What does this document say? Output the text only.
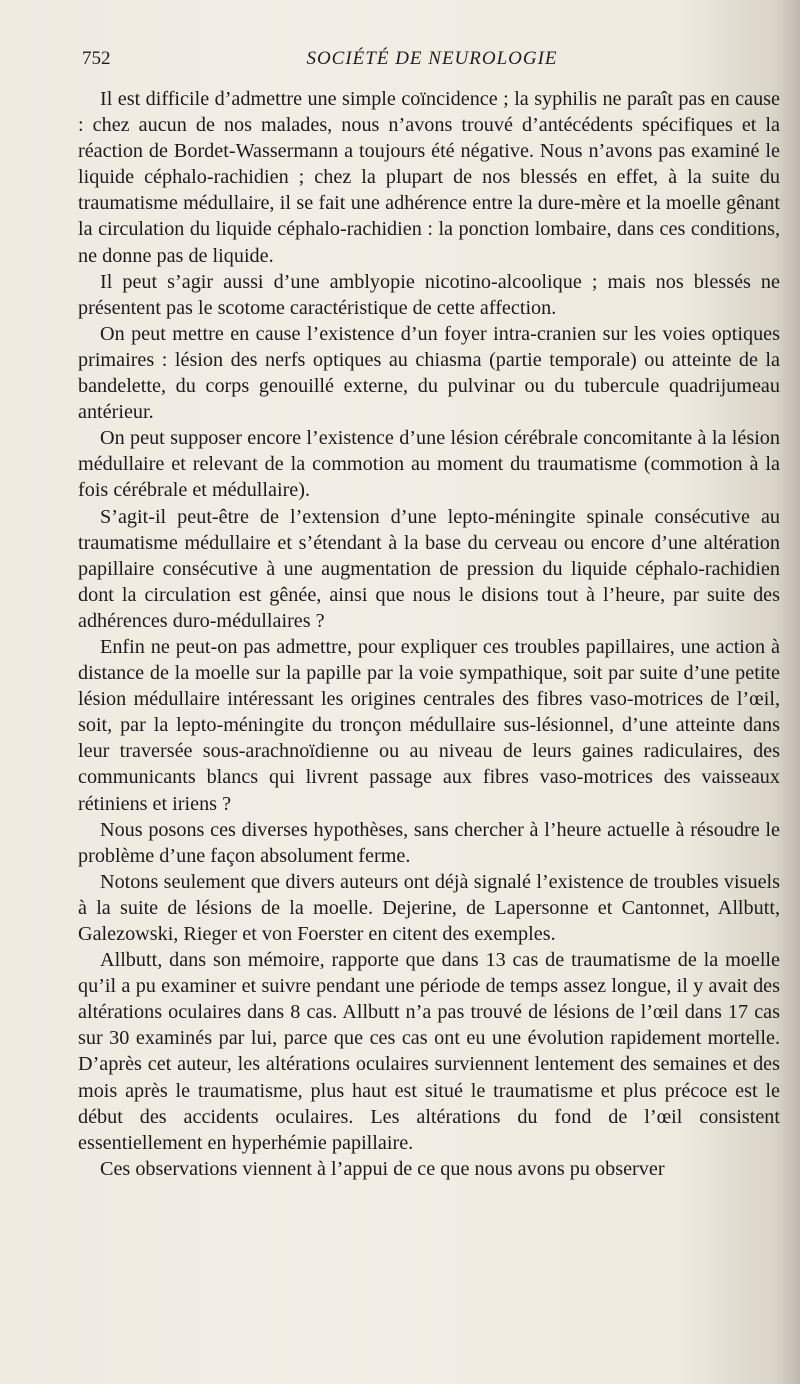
752	SOCIÉTÉ DE NEUROLOGIE

Il est difficile d’admettre une simple coïncidence ; la syphilis ne paraît pas en cause : chez aucun de nos malades, nous n’avons trouvé d’antécédents spécifiques et la réaction de Bordet-Wassermann a toujours été négative. Nous n’avons pas examiné le liquide céphalo-rachidien ; chez la plupart de nos blessés en effet, à la suite du traumatisme médullaire, il se fait une adhérence entre la dure-mère et la moelle gênant la circulation du liquide céphalo-rachidien : la ponction lombaire, dans ces conditions, ne donne pas de liquide.

Il peut s’agir aussi d’une amblyopie nicotino-alcoolique ; mais nos blessés ne présentent pas le scotome caractéristique de cette affection.

On peut mettre en cause l’existence d’un foyer intra-cranien sur les voies optiques primaires : lésion des nerfs optiques au chiasma (partie temporale) ou atteinte de la bandelette, du corps genouillé externe, du pulvinar ou du tubercule quadrijumeau antérieur.

On peut supposer encore l’existence d’une lésion cérébrale concomitante à la lésion médullaire et relevant de la commotion au moment du traumatisme (commotion à la fois cérébrale et médullaire).

S’agit-il peut-être de l’extension d’une lepto-méningite spinale consécutive au traumatisme médullaire et s’étendant à la base du cerveau ou encore d’une altération papillaire consécutive à une augmentation de pression du liquide céphalo-rachidien dont la circulation est gênée, ainsi que nous le disions tout à l’heure, par suite des adhérences duro-médullaires ?

Enfin ne peut-on pas admettre, pour expliquer ces troubles papillaires, une action à distance de la moelle sur la papille par la voie sympathique, soit par suite d’une petite lésion médullaire intéressant les origines centrales des fibres vaso-motrices de l’œil, soit, par la lepto-méningite du tronçon médullaire sus-lésionnel, d’une atteinte dans leur traversée sous-arachnoïdienne ou au niveau de leurs gaines radiculaires, des communicants blancs qui livrent passage aux fibres vaso-motrices des vaisseaux rétiniens et iriens ?

Nous posons ces diverses hypothèses, sans chercher à l’heure actuelle à résoudre le problème d’une façon absolument ferme.

Notons seulement que divers auteurs ont déjà signalé l’existence de troubles visuels à la suite de lésions de la moelle. Dejerine, de Lapersonne et Cantonnet, Allbutt, Galezowski, Rieger et von Foerster en citent des exemples.

Allbutt, dans son mémoire, rapporte que dans 13 cas de traumatisme de la moelle qu’il a pu examiner et suivre pendant une période de temps assez longue, il y avait des altérations oculaires dans 8 cas. Allbutt n’a pas trouvé de lésions de l’œil dans 17 cas sur 30 examinés par lui, parce que ces cas ont eu une évolution rapidement mortelle. D’après cet auteur, les altérations oculaires surviennent lentement des semaines et des mois après le traumatisme, plus haut est situé le traumatisme et plus précoce est le début des accidents oculaires. Les altérations du fond de l’œil consistent essentiellement en hyperhémie papillaire.

Ces observations viennent à l’appui de ce que nous avons pu observer
